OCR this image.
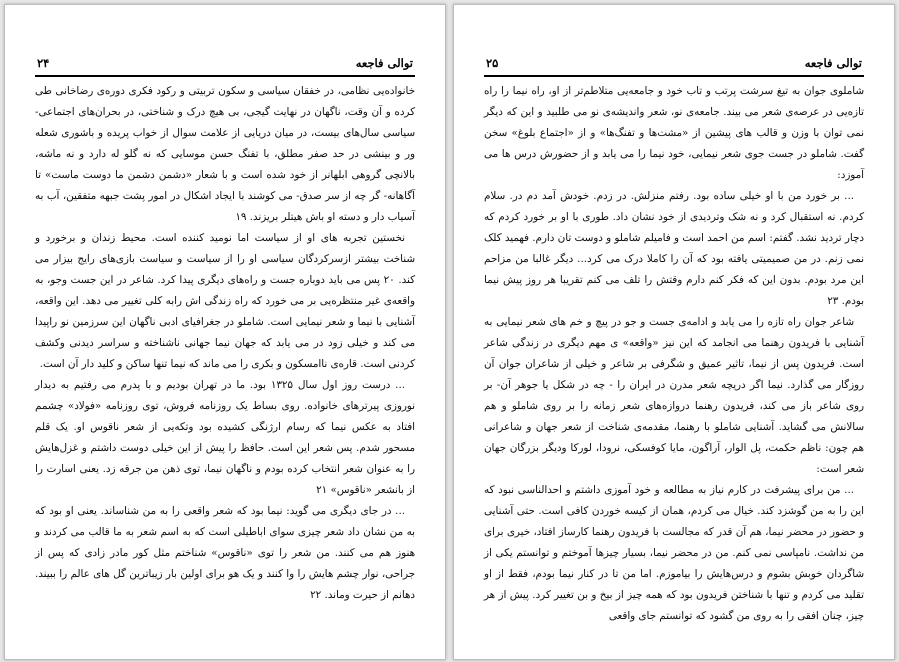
توالی فاجعه
۲۴

خانواده‌یی نظامی، در خفقان سیاسی و سکون تربیتی و رکود فکری دوره‌ی رضاخانی طی کرده و آن وقت، ناگهان در نهایت گیجی، بی هیچ درک و شناختی، در بحران‌های اجتماعی- سیاسی سال‌های بیست، در میان دریایی از علامت سوال از خواب پریده و باشوری شعله ور و بینشی در حد صفر مطلق، با تفنگ حسن موسایی که نه گلو له دارد و نه ماشه، بالانچی گروهی ابلهانر از خود شده است و با شعار «دشمن دشمن ما دوست ماست» تا آگاهانه- گر چه از سر صدق- می کوشند با ایجاد اشکال در امور پشت جبهه متفقین، آب به آسیاب دار و دسته او باش هیتلر بریزند. ۱۹

نخستین تجربه های او از سیاست اما نومید کننده است. محیط زندان و برخورد و شناخت بیشتر ازسرکردگان سیاسی او را از سیاست و سیاست بازی‌های رایج بیزار می کند. ۲۰ پس می باید دوباره جست و راه‌های دیگری پیدا کرد. شاعر در این جست وجو، به واقعه‌ی غیر منتظره‌یی بر می خورد که راه زندگی اش رابه کلی تغییر می دهد. این واقعه، آشنایی با نیما و شعر نیمایی است. شاملو در جغرافیای ادبی ناگهان این سرزمین نو راپیدا می کند و خیلی زود در می یابد که جهان نیما جهانی ناشناخته و سراسر دیدنی وکشف کردنی است. قاره‌ی ناامسکون و بکری را می ماند که نیما تنها ساکن و کلید دار آن است.

... درست روز اول سال ۱۳۲۵ بود. ما در تهران بودیم و با پدرم می رفتیم به دیدار نوروزی پیرترهای خانواده. روی بساط یک روزنامه فروش، توی روزنامه «فولاد» چشمم افتاد به عکس نیما که رسام ارژنگی کشیده بود وتکه‌یی از شعر ناقوس او. یک قلم مسحور شدم. پس شعر این است. حافظ را پیش از این خیلی دوست داشتم و غزل‌هایش را به عنوان شعر انتخاب کرده بودم و ناگهان نیما، توی ذهن من جرقه زد. یعنی اسارت را از بانشعر «ناقوس» ۲۱

... در جای دیگری می گوید: نیما بود که شعر واقعی را به من شناساند. یعنی او بود که به من نشان داد شعر چیزی سوای اباطیلی است که به اسم شعر به ما قالب می کردند و هنوز هم می کنند. من شعر را توی «ناقوس» شناختم مثل کور مادر زادی که پس از جراحی، نوار چشم هایش را وا کنند و یک هو برای اولین بار زیباترین گل های عالم را ببیند. دهانم از حیرت وماند. ۲۲

توالی فاجعه
۲۵

شاملوی جوان به تیغ سرشت پرتب و تاب خود و جامعه‌یی متلاطم‌تر از او، راه نیما را راه تازه‌یی در عرصه‌ی شعر می بیند. جامعه‌ی نو، شعر واندیشه‌ی نو می طلبید و این که دیگر نمی توان با وزن و قالب های پیشین از «مشت‌ها و تفنگ‌ها» و از «اجتماع بلوغ» سخن گفت. شاملو در جست جوی شعر نیمایی، خود نیما را می یابد و از حضورش درس ها می آموزد:

... بر خورد من با او خیلی ساده بود. رفتم منزلش. در زدم. خودش آمد دم در. سلام کردم. نه استقبال کرد و نه شک وتردیدی از خود نشان داد. طوری با او بر خورد کردم که دچار تردید نشد. گفتم: اسم من احمد است و فامیلم شاملو و دوست تان دارم. فهمید کلک نمی زنم. در من صمیمیتی یافته بود که آن را کاملا درک می کرد... دیگر غالبا من مزاحم این مرد بودم. بدون این که فکر کنم دارم وقتش را تلف می کنم تقریبا هر روز پیش نیما بودم. ۲۳

شاعر جوان راه تازه را می یابد و ادامه‌ی جست و جو در پیچ و خم های شعر نیمایی به آشنایی با فریدون رهنما می انجامد که این نیز «واقعه» ی مهم دیگری در زندگی شاعر است. فریدون پس از نیما، تاثیر عمیق و شگرفی بر شاعر و خیلی از شاعران جوان آن روزگار می گذارد. نیما اگر دریچه شعر مدرن در ایران را - چه در شکل یا جوهر آن- بر روی شاعر باز می کند، فریدون رهنما دروازه‌های شعر زمانه را بر روی شاملو و هم سالانش می گشاید. آشنایی شاملو با رهنما، مقدمه‌ی شناخت از شعر جهان و شاعرانی هم چون: ناظم حکمت، پل الوار، آراگون، مایا کوفسکی، نرودا، لورکا ودیگر بزرگان جهان شعر است:

... من برای پیشرفت در کارم نیاز به مطالعه و خود آموزی داشتم و احدالناسی نبود که این را به من گوشزد کند. خیال می کردم، همان از کیسه خوردن کافی است. حتی آشنایی و حضور در محضر نیما، هم آن قدر که مجالست با فریدون رهنما کارساز افتاد، خیری برای من نداشت. نامپاسی نمی کنم. من در محضر نیما، بسیار چیزها آموختم و توانستم یکی از شاگردان خوبش بشوم و درس‌هایش را بیاموزم. اما من تا در کنار نیما بودم، فقط از او تقلید می کردم و تنها با شناختن فریدون بود که همه چیز از بیخ و بن تغییر کرد. پیش از هر چیز، چنان افقی را به روی من گشود که توانستم جای واقعی
